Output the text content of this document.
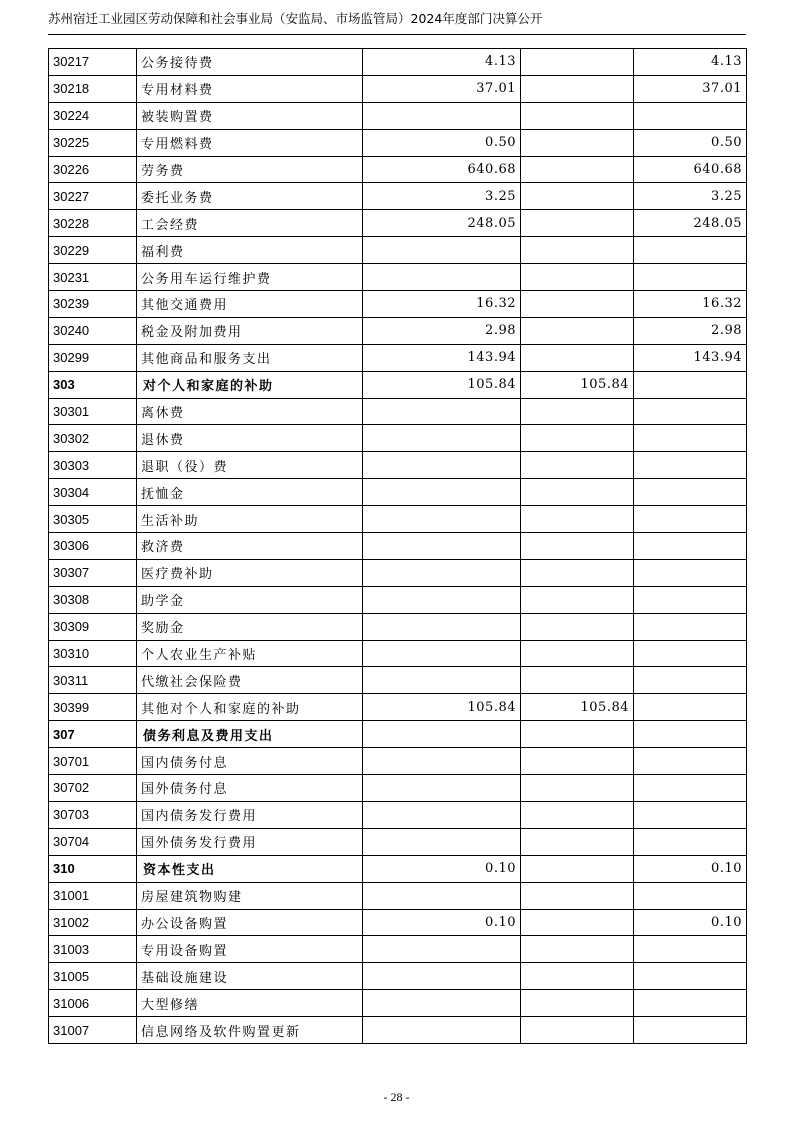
苏州宿迁工业园区劳动保障和社会事业局（安监局、市场监管局）2024年度部门决算公开
30217	公务接待费	4.13		4.13
30218	专用材料费	37.01		37.01
30224	被装购置费			
30225	专用燃料费	0.50		0.50
30226	劳务费	640.68		640.68
30227	委托业务费	3.25		3.25
30228	工会经费	248.05		248.05
30229	福利费			
30231	公务用车运行维护费			
30239	其他交通费用	16.32		16.32
30240	税金及附加费用	2.98		2.98
30299	其他商品和服务支出	143.94		143.94
303	对个人和家庭的补助	105.84	105.84	
30301	离休费			
30302	退休费			
30303	退职（役）费			
30304	抚恤金			
30305	生活补助			
30306	救济费			
30307	医疗费补助			
30308	助学金			
30309	奖励金			
30310	个人农业生产补贴			
30311	代缴社会保险费			
30399	其他对个人和家庭的补助	105.84	105.84	
307	债务利息及费用支出			
30701	国内债务付息			
30702	国外债务付息			
30703	国内债务发行费用			
30704	国外债务发行费用			
310	资本性支出	0.10		0.10
31001	房屋建筑物购建			
31002	办公设备购置	0.10		0.10
31003	专用设备购置			
31005	基础设施建设			
31006	大型修缮			
31007	信息网络及软件购置更新			
- 28 -
